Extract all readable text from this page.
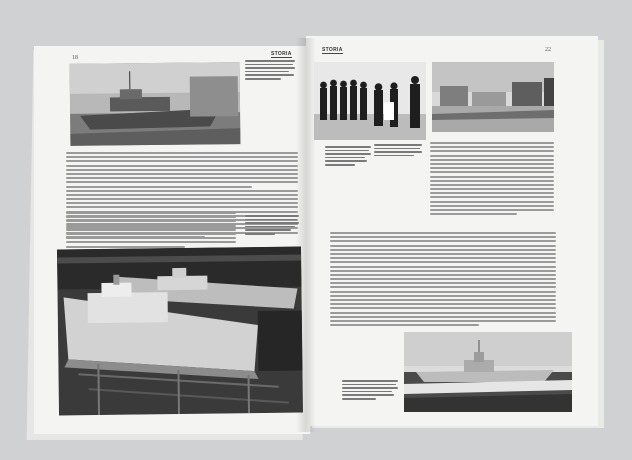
18
22
STORIA
STORIA
